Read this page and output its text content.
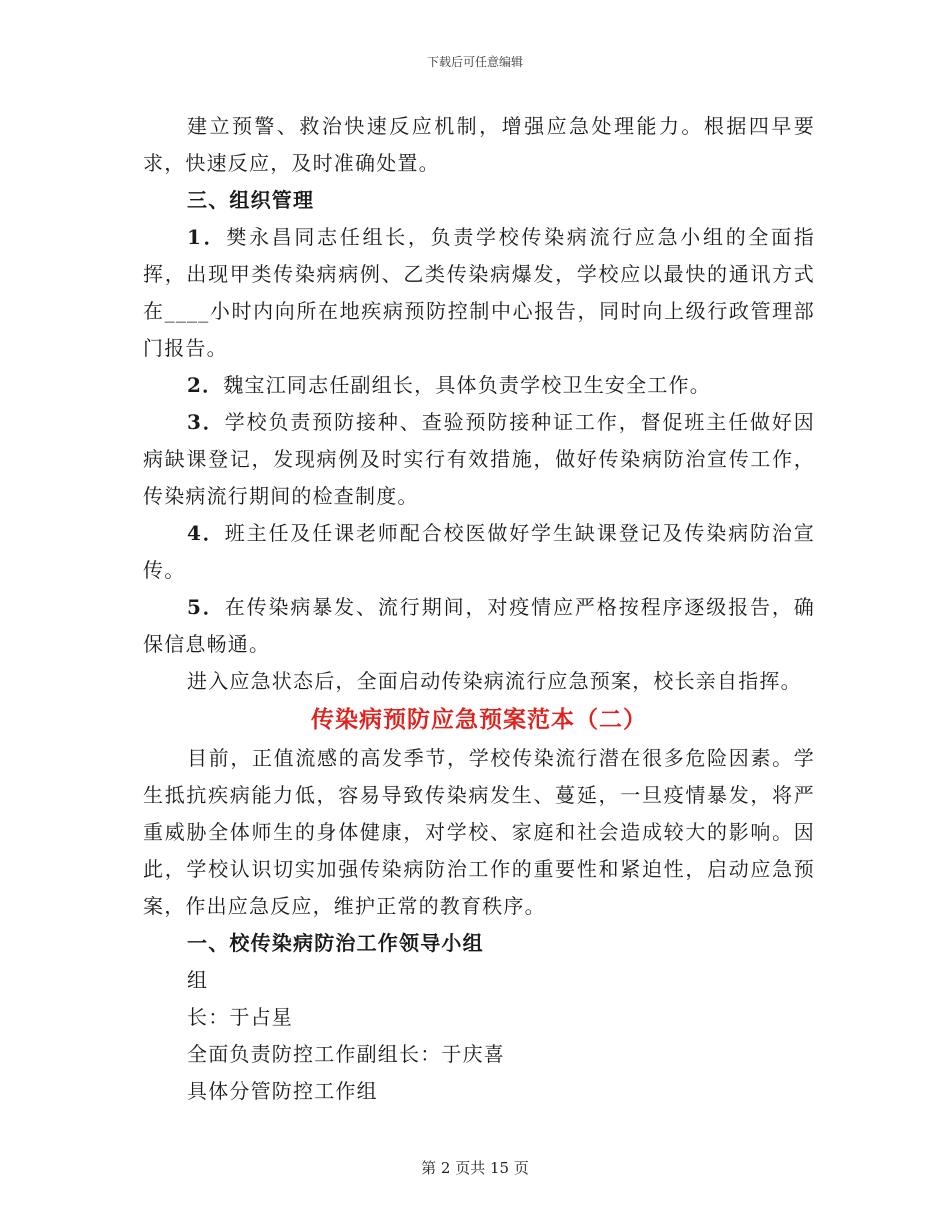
下载后可任意编辑

建立预警、救治快速反应机制，增强应急处理能力。根据四早要求，快速反应，及时准确处置。

三、组织管理

1．樊永昌同志任组长，负责学校传染病流行应急小组的全面指挥，出现甲类传染病病例、乙类传染病爆发，学校应以最快的通讯方式在____小时内向所在地疾病预防控制中心报告，同时向上级行政管理部门报告。

2．魏宝江同志任副组长，具体负责学校卫生安全工作。

3．学校负责预防接种、查验预防接种证工作，督促班主任做好因病缺课登记，发现病例及时实行有效措施，做好传染病防治宣传工作，传染病流行期间的检查制度。

4．班主任及任课老师配合校医做好学生缺课登记及传染病防治宣传。

5．在传染病暴发、流行期间，对疫情应严格按程序逐级报告，确保信息畅通。

进入应急状态后，全面启动传染病流行应急预案，校长亲自指挥。

传染病预防应急预案范本（二）

目前，正值流感的高发季节，学校传染流行潜在很多危险因素。学生抵抗疾病能力低，容易导致传染病发生、蔓延，一旦疫情暴发，将严重威胁全体师生的身体健康，对学校、家庭和社会造成较大的影响。因此，学校认识切实加强传染病防治工作的重要性和紧迫性，启动应急预案，作出应急反应，维护正常的教育秩序。

一、校传染病防治工作领导小组

组

长：于占星

全面负责防控工作副组长：于庆喜

具体分管防控工作组

第 2 页共 15 页
